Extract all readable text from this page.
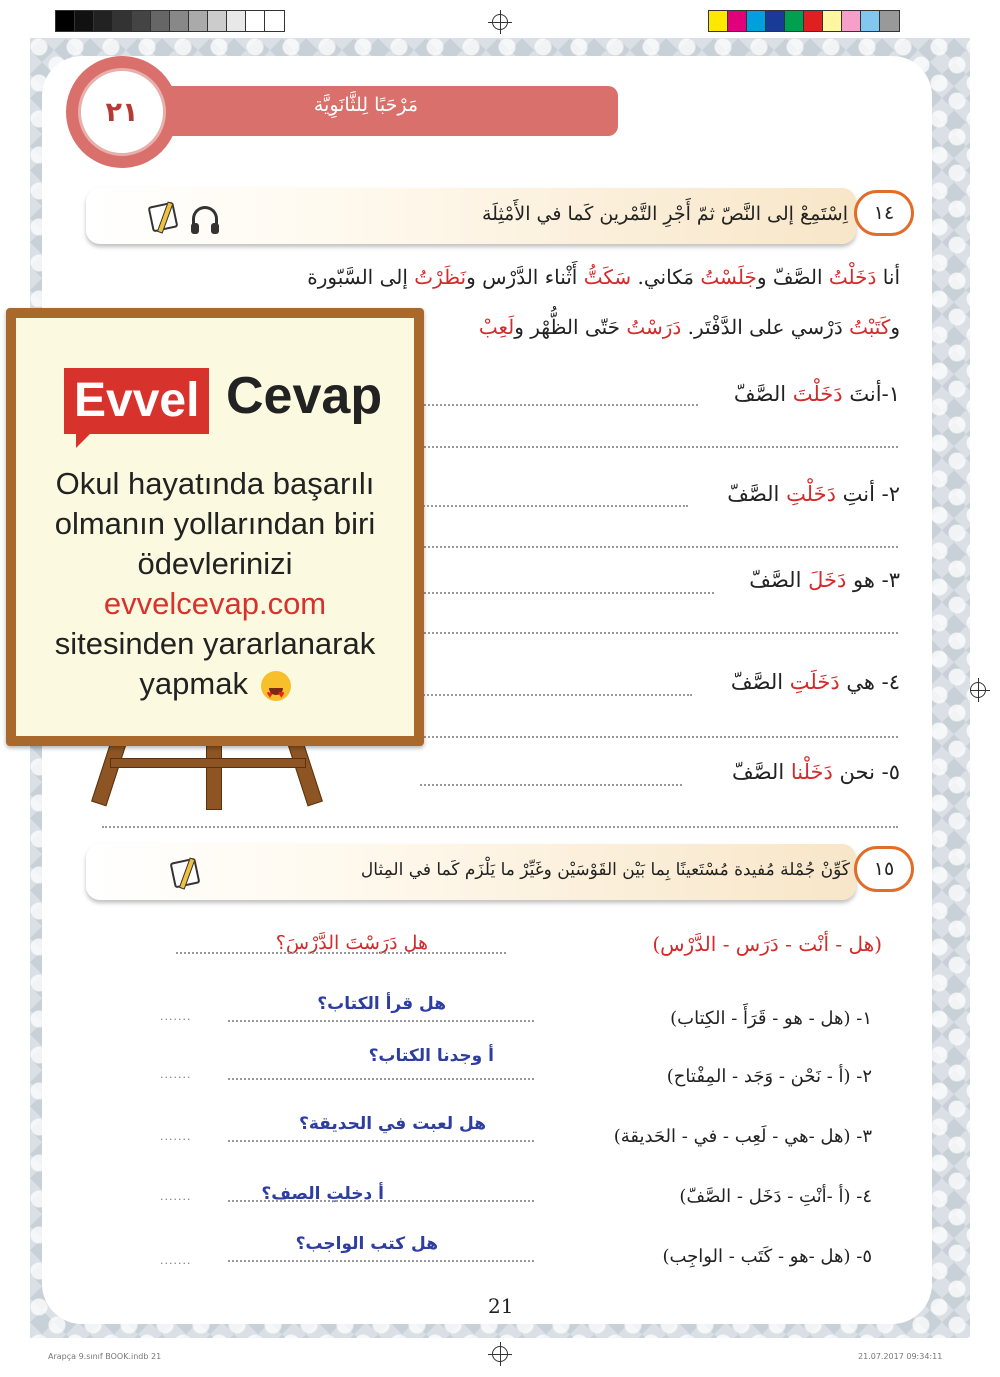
مَرْحَبًا لِلثَّانَوِيَّة
٢١
١٤
اِسْتَمِعْ إلى النَّصّ ثمّ أَجْرِ التَّمْرين كَما في الأَمْثِلَة
أنا دَخَلْتُ الصَّفّ وجَلَسْتُ مَكاني. سَكَتُّ أَثْناء الدَّرْس ونَظَرْتُ إلى السَّبّورة
وكَتَبْتُ دَرْسي على الدَّفْتَر. دَرَسْتُ حَتّى الظُّهْر ولَعِبْ
١-أنتَ دَخَلْتَ الصَّفّ
٢- أنتِ دَخَلْتِ الصَّفّ
٣- هو دَخَلَ الصَّفّ
٤- هي دَخَلَتِ الصَّفّ
٥- نحن دَخَلْنا الصَّفّ
١٥
كَوِّنْ جُمْلة مُفيدة مُسْتَعينًا بِما بَيْن القَوْسَيْن وغَيِّرْ ما يَلْزَم كَما في المِثال
(هل - أنْت - دَرَس - الدَّرْس)
هل دَرَسْتَ الدَّرْسَ؟
١- (هل - هو - قَرَأَ - الكِتاب)
هل قرأ الكتاب؟
.......
٢- (أ - نَحْن - وَجَد - المِفْتاح)
أ وجدنا الكتاب؟
.......
٣- (هل -هي - لَعِب - في - الحَديقة)
هل لعبت في الحديقة؟
.......
٤- (أ -أنْتِ - دَخَل - الصَّفّ)
أ دخلتِ الصف؟
.......
٥- (هل -هو - كَتَب - الواجِب)
هل كتب الواجب؟
.......
Evvel Cevap
Okul hayatında başarılı
olmanın yollarından biri
ödevlerinizi
evvelcevap.com
sitesinden yararlanarak
yapmak ♥
♥
21
Arapça 9.sınıf BOOK.indb 21	21.07.2017 09:34:11
